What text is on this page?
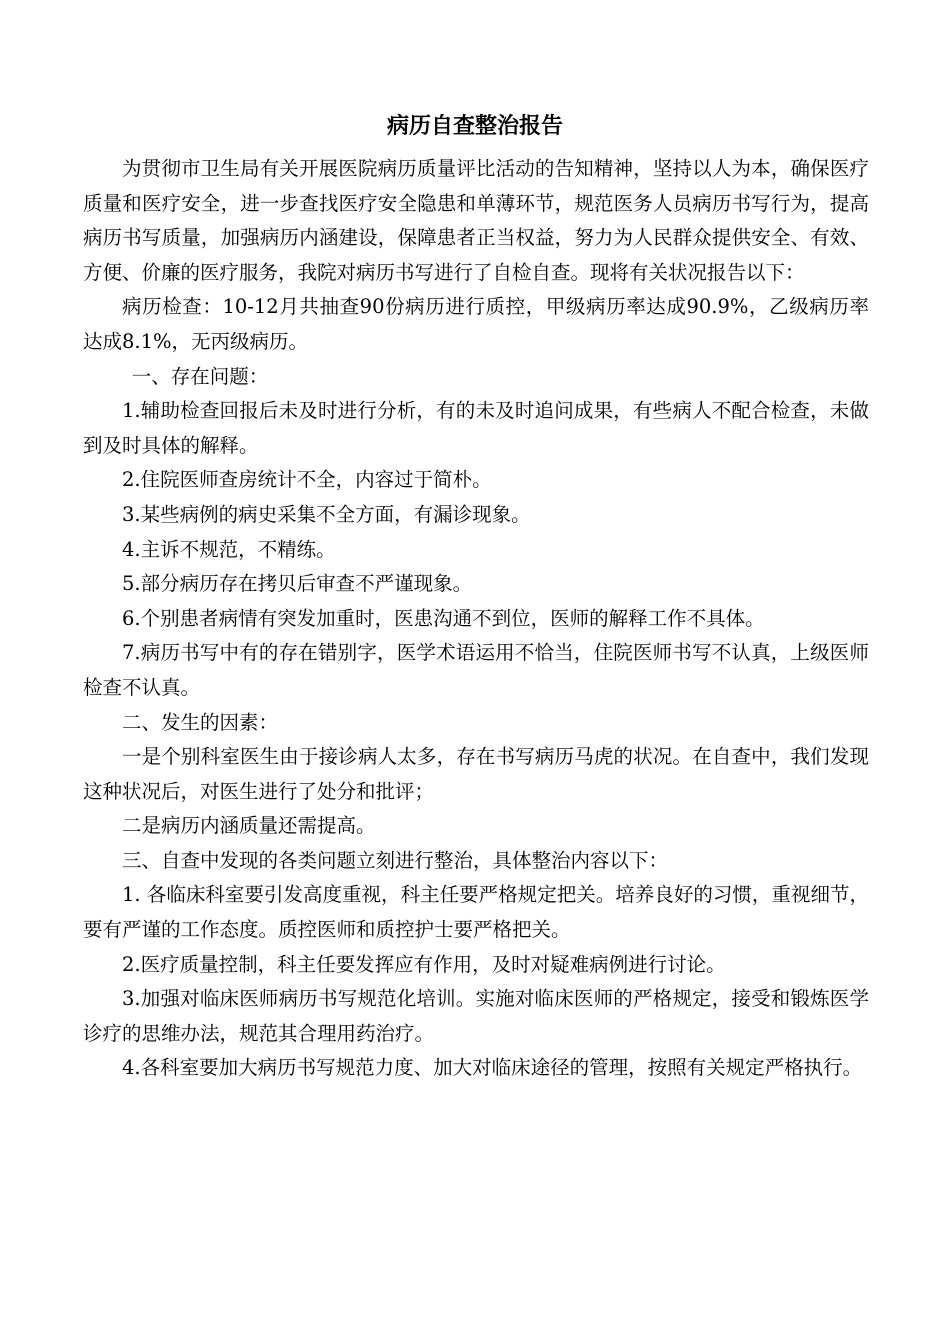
病历自查整治报告

为贯彻市卫生局有关开展医院病历质量评比活动的告知精神，坚持以人为本，确保医疗质量和医疗安全，进一步查找医疗安全隐患和单薄环节，规范医务人员病历书写行为，提高病历书写质量，加强病历内涵建设，保障患者正当权益，努力为人民群众提供安全、有效、方便、价廉的医疗服务，我院对病历书写进行了自检自查。现将有关状况报告以下：

病历检查：10-12月共抽查90份病历进行质控，甲级病历率达成90.9%，乙级病历率达成8.1%，无丙级病历。

一、存在问题：

1.辅助检查回报后未及时进行分析，有的未及时追问成果，有些病人不配合检查，未做到及时具体的解释。

2.住院医师查房统计不全，内容过于简朴。

3.某些病例的病史采集不全方面，有漏诊现象。

4.主诉不规范，不精练。

5.部分病历存在拷贝后审查不严谨现象。

6.个别患者病情有突发加重时，医患沟通不到位，医师的解释工作不具体。

7.病历书写中有的存在错别字，医学术语运用不恰当，住院医师书写不认真，上级医师检查不认真。

二、发生的因素：

一是个别科室医生由于接诊病人太多，存在书写病历马虎的状况。在自查中，我们发现这种状况后，对医生进行了处分和批评；

二是病历内涵质量还需提高。

三、自查中发现的各类问题立刻进行整治，具体整治内容以下：

1. 各临床科室要引发高度重视，科主任要严格规定把关。培养良好的习惯，重视细节，要有严谨的工作态度。质控医师和质控护士要严格把关。

2.医疗质量控制，科主任要发挥应有作用，及时对疑难病例进行讨论。

3.加强对临床医师病历书写规范化培训。实施对临床医师的严格规定，接受和锻炼医学诊疗的思维办法，规范其合理用药治疗。

4.各科室要加大病历书写规范力度、加大对临床途径的管理，按照有关规定严格执行。
